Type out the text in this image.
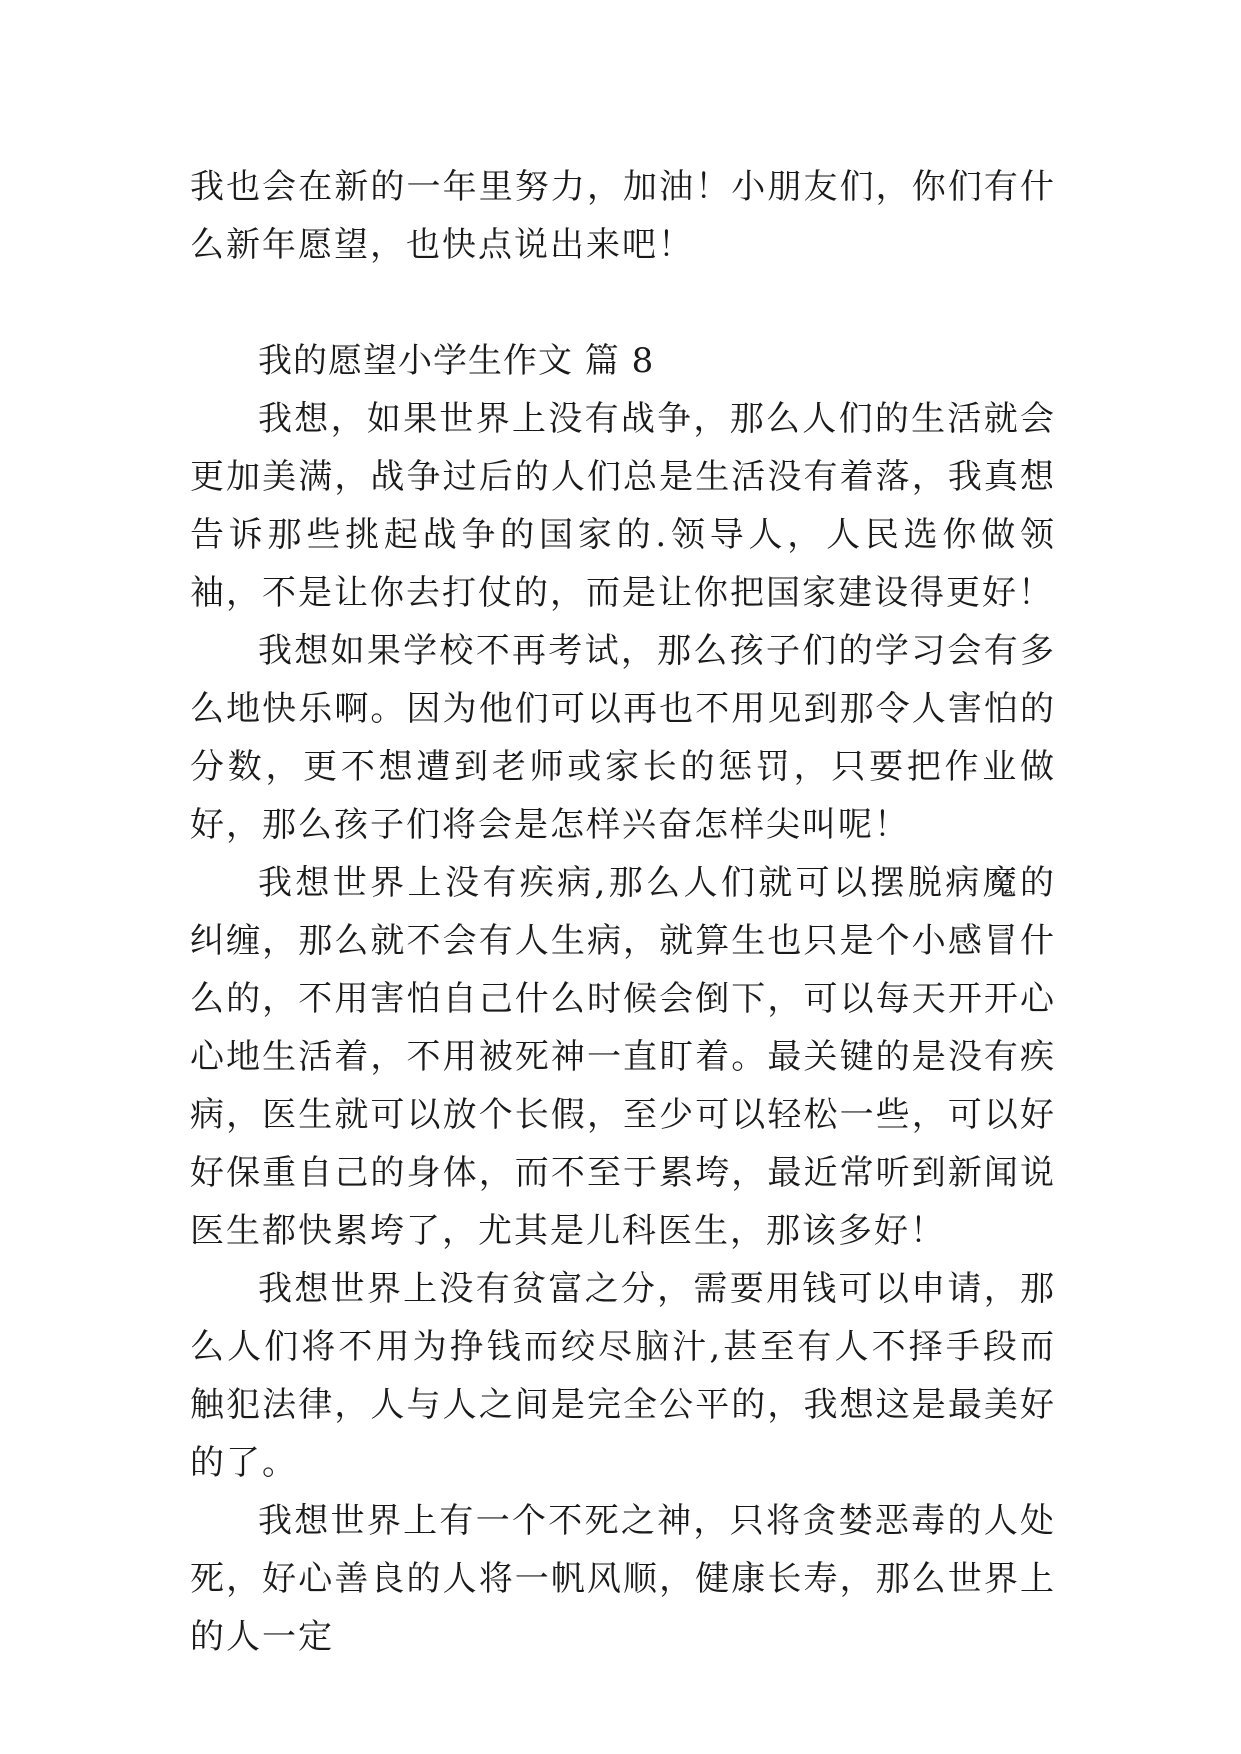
我也会在新的一年里努力，加油！小朋友们，你们有什么新年愿望，也快点说出来吧！

我的愿望小学生作文 篇 8

我想，如果世界上没有战争，那么人们的生活就会更加美满，战争过后的人们总是生活没有着落，我真想告诉那些挑起战争的国家的.领导人，人民选你做领袖，不是让你去打仗的，而是让你把国家建设得更好！

我想如果学校不再考试，那么孩子们的学习会有多么地快乐啊。因为他们可以再也不用见到那令人害怕的分数，更不想遭到老师或家长的惩罚，只要把作业做好，那么孩子们将会是怎样兴奋怎样尖叫呢！

我想世界上没有疾病,那么人们就可以摆脱病魔的纠缠，那么就不会有人生病，就算生也只是个小感冒什么的，不用害怕自己什么时候会倒下，可以每天开开心心地生活着，不用被死神一直盯着。最关键的是没有疾病，医生就可以放个长假，至少可以轻松一些，可以好好保重自己的身体，而不至于累垮，最近常听到新闻说医生都快累垮了，尤其是儿科医生，那该多好！

我想世界上没有贫富之分，需要用钱可以申请，那么人们将不用为挣钱而绞尽脑汁,甚至有人不择手段而触犯法律，人与人之间是完全公平的，我想这是最美好的了。

我想世界上有一个不死之神，只将贪婪恶毒的人处死，好心善良的人将一帆风顺，健康长寿，那么世界上的人一定
